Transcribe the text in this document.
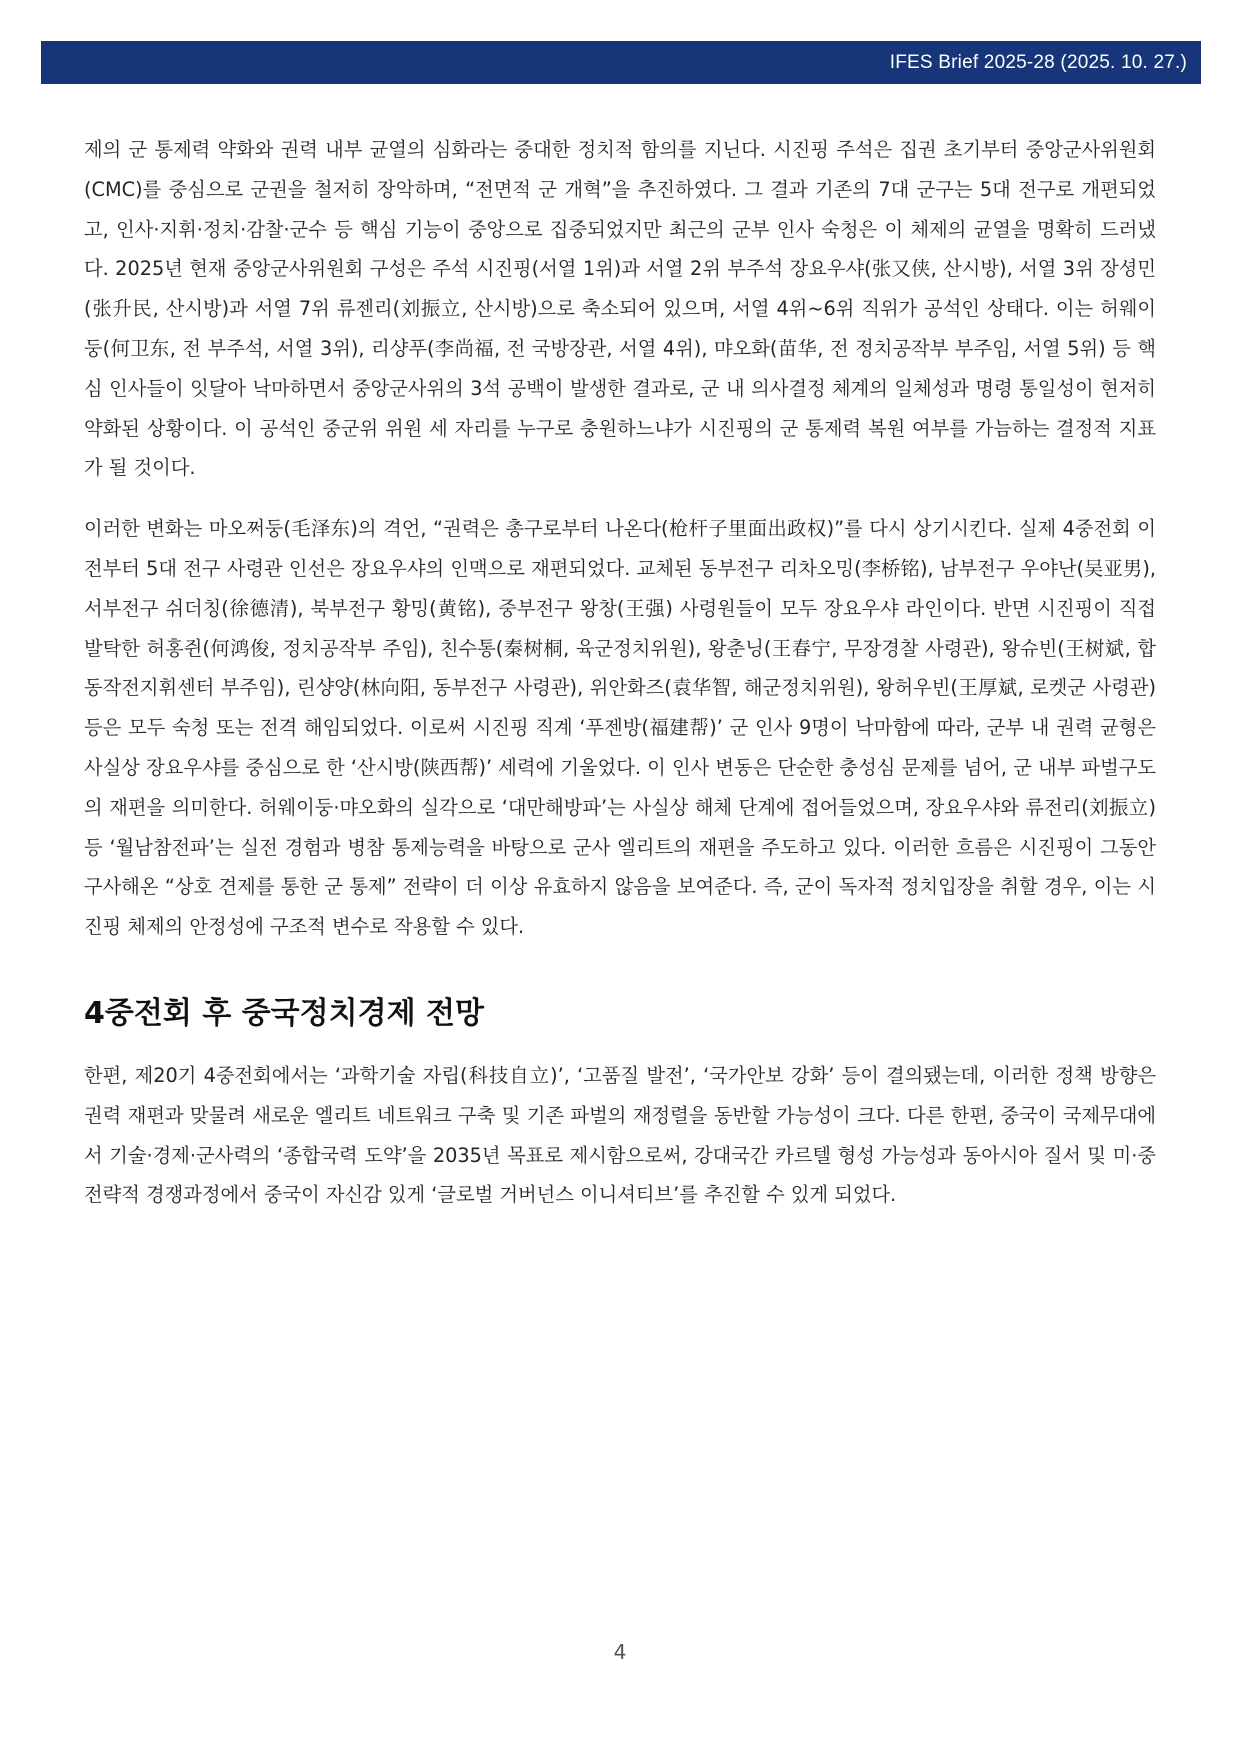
IFES Brief 2025-28 (2025. 10. 27.)

제의 군 통제력 약화와 권력 내부 균열의 심화라는 중대한 정치적 함의를 지닌다. 시진핑 주석은 집권 초기부터 중앙군사위원회(CMC)를 중심으로 군권을 철저히 장악하며, “전면적 군 개혁”을 추진하였다. 그 결과 기존의 7대 군구는 5대 전구로 개편되었고, 인사·지휘·정치·감찰·군수 등 핵심 기능이 중앙으로 집중되었지만 최근의 군부 인사 숙청은 이 체제의 균열을 명확히 드러냈다. 2025년 현재 중앙군사위원회 구성은 주석 시진핑(서열 1위)과 서열 2위 부주석 장요우샤(张又侠, 산시방), 서열 3위 장셩민(张升民, 산시방)과 서열 7위 류젠리(刘振立, 산시방)으로 축소되어 있으며, 서열 4위~6위 직위가 공석인 상태다. 이는 허웨이둥(何卫东, 전 부주석, 서열 3위), 리샹푸(李尚福, 전 국방장관, 서열 4위), 먀오화(苗华, 전 정치공작부 부주임, 서열 5위) 등 핵심 인사들이 잇달아 낙마하면서 중앙군사위의 3석 공백이 발생한 결과로, 군 내 의사결정 체계의 일체성과 명령 통일성이 현저히 약화된 상황이다. 이 공석인 중군위 위원 세 자리를 누구로 충원하느냐가 시진핑의 군 통제력 복원 여부를 가늠하는 결정적 지표가 될 것이다.

이러한 변화는 마오쩌둥(毛泽东)의 격언, “권력은 총구로부터 나온다(枪杆子里面出政权)”를 다시 상기시킨다. 실제 4중전회 이전부터 5대 전구 사령관 인선은 장요우샤의 인맥으로 재편되었다. 교체된 동부전구 리차오밍(李桥铭), 남부전구 우야난(吴亚男), 서부전구 쉬더칭(徐德清), 북부전구 황밍(黄铭), 중부전구 왕창(王强) 사령원들이 모두 장요우샤 라인이다. 반면 시진핑이 직접 발탁한 허홍쥔(何鸿俊, 정치공작부 주임), 친수통(秦树桐, 육군정치위원), 왕춘닝(王春宁, 무장경찰 사령관), 왕슈빈(王树斌, 합동작전지휘센터 부주임), 린샹양(林向阳, 동부전구 사령관), 위안화즈(袁华智, 해군정치위원), 왕허우빈(王厚斌, 로켓군 사령관) 등은 모두 숙청 또는 전격 해임되었다. 이로써 시진핑 직계 ‘푸젠방(福建帮)’ 군 인사 9명이 낙마함에 따라, 군부 내 권력 균형은 사실상 장요우샤를 중심으로 한 ‘산시방(陕西帮)’ 세력에 기울었다. 이 인사 변동은 단순한 충성심 문제를 넘어, 군 내부 파벌구도의 재편을 의미한다. 허웨이둥·먀오화의 실각으로 ‘대만해방파’는 사실상 해체 단계에 접어들었으며, 장요우샤와 류전리(刘振立)등 ‘월남참전파’는 실전 경험과 병참 통제능력을 바탕으로 군사 엘리트의 재편을 주도하고 있다. 이러한 흐름은 시진핑이 그동안 구사해온 “상호 견제를 통한 군 통제” 전략이 더 이상 유효하지 않음을 보여준다. 즉, 군이 독자적 정치입장을 취할 경우, 이는 시진핑 체제의 안정성에 구조적 변수로 작용할 수 있다.

4중전회 후 중국정치경제 전망

한편, 제20기 4중전회에서는 ‘과학기술 자립(科技自立)’, ‘고품질 발전’, ‘국가안보 강화’ 등이 결의됐는데, 이러한 정책 방향은 권력 재편과 맞물려 새로운 엘리트 네트워크 구축 및 기존 파벌의 재정렬을 동반할 가능성이 크다. 다른 한편, 중국이 국제무대에서 기술·경제·군사력의 ‘종합국력 도약’을 2035년 목표로 제시함으로써, 강대국간 카르텔 형성 가능성과 동아시아 질서 및 미·중 전략적 경쟁과정에서 중국이 자신감 있게 ‘글로벌 거버넌스 이니셔티브’를 추진할 수 있게 되었다.

4
